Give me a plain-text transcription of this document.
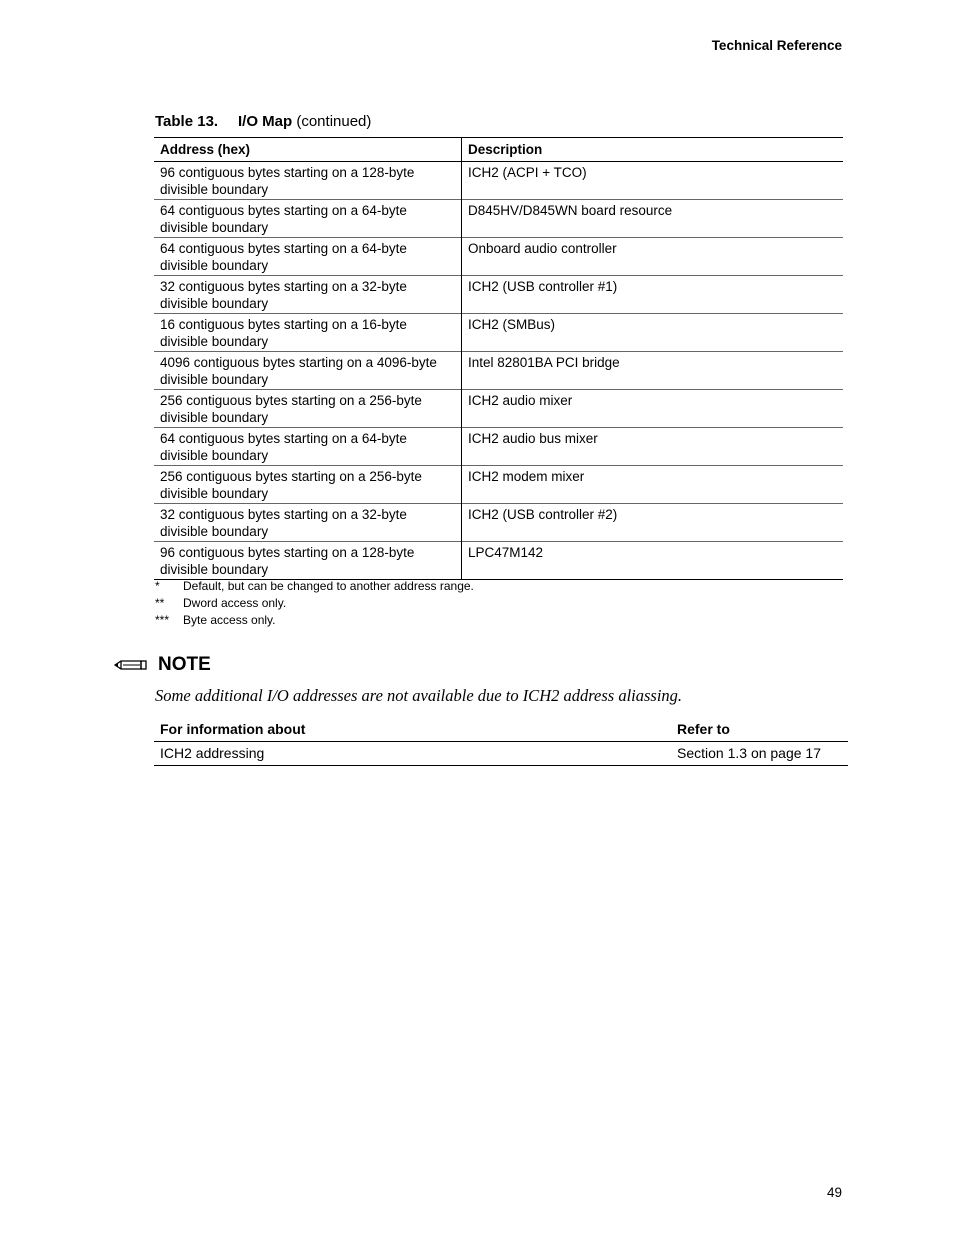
Technical Reference
Table 13. I/O Map (continued)
Address (hex)	Description
96 contiguous bytes starting on a 128-byte divisible boundary	ICH2 (ACPI + TCO)
64 contiguous bytes starting on a 64-byte divisible boundary	D845HV/D845WN board resource
64 contiguous bytes starting on a 64-byte divisible boundary	Onboard audio controller
32 contiguous bytes starting on a 32-byte divisible boundary	ICH2 (USB controller #1)
16 contiguous bytes starting on a 16-byte divisible boundary	ICH2 (SMBus)
4096 contiguous bytes starting on a 4096-byte divisible boundary	Intel 82801BA PCI bridge
256 contiguous bytes starting on a 256-byte divisible boundary	ICH2 audio mixer
64 contiguous bytes starting on a 64-byte divisible boundary	ICH2 audio bus mixer
256 contiguous bytes starting on a 256-byte divisible boundary	ICH2 modem mixer
32 contiguous bytes starting on a 32-byte divisible boundary	ICH2 (USB controller #2)
96 contiguous bytes starting on a 128-byte divisible boundary	LPC47M142
*	Default, but can be changed to another address range.
**	Dword access only.
***	Byte access only.
NOTE
Some additional I/O addresses are not available due to ICH2 address aliassing.
For information about	Refer to
ICH2 addressing	Section 1.3 on page 17
49
